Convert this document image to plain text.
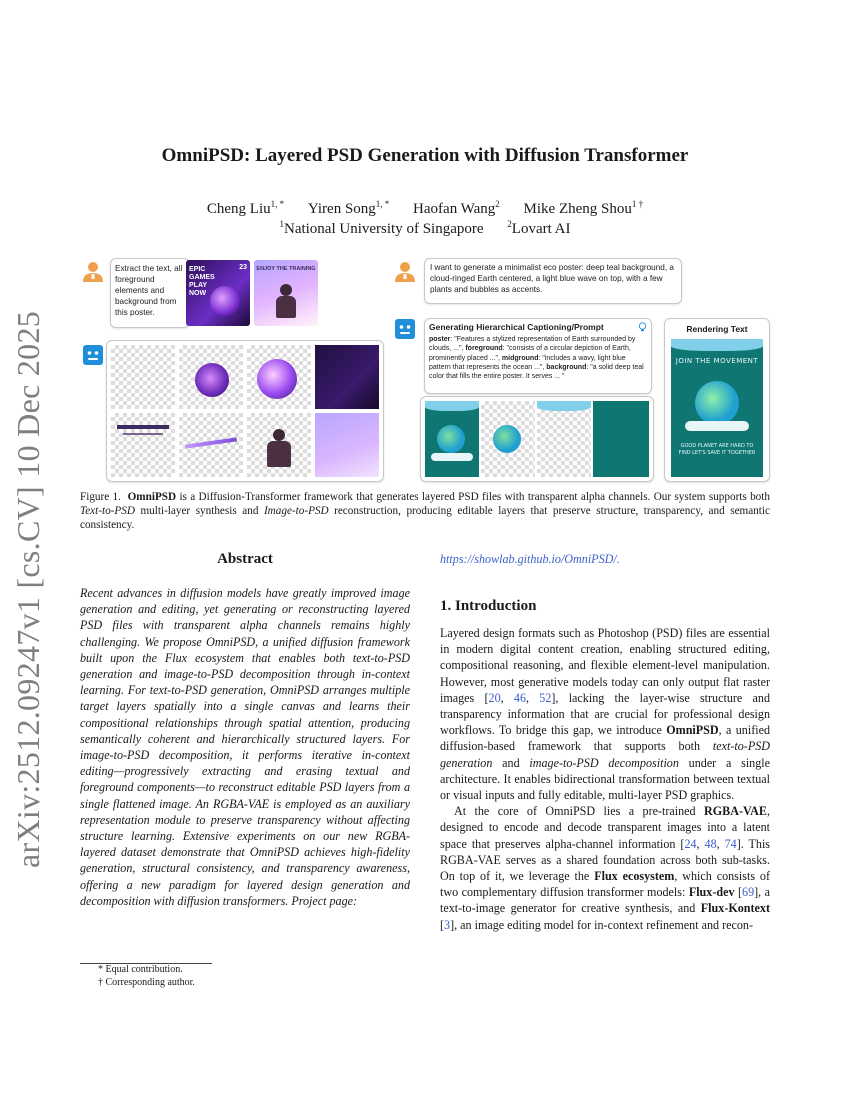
arXiv:2512.09247v1 [cs.CV] 10 Dec 2025
OmniPSD: Layered PSD Generation with Diffusion Transformer
Cheng Liu$^{1, *}$ Yiren Song$^{1, *}$ Haofan Wang$^2$ Mike Zheng Shou$^{1 \dagger}$
$^1$National University of Singapore	$^2$Lovart AI
Extract the text, all foreground elements and background from this poster.
EPIC GAMES PLAY NOW
23 ENJOY THE TRAINING	I want to generate a minimalist eco poster: deep teal background, a cloud-ringed Earth centered, a light blue wave on top, with a few plants and bubbles as accents.
Generating Hierarchical Captioning/Prompt
poster: "Features a stylized representation of Earth surrounded by clouds, ...", foreground: "consists of a circular depiction of Earth, prominently placed ...", midground: "includes a wavy, light blue pattern that represents the ocean ...", background: "a solid deep teal color that fills the entire poster. It serves ... "
Rendering Text
JOIN THE MOVEMENT
GOOD PLANET ARE HARD TO FIND LET'S SAVE IT TOGETHER
Figure 1. OmniPSD is a Diffusion-Transformer framework that generates layered PSD files with transparent alpha channels. Our system supports both Text-to-PSD multi-layer synthesis and Image-to-PSD reconstruction, producing editable layers that preserve structure, transparency, and semantic consistency.
Abstract
Recent advances in diffusion models have greatly improved image generation and editing, yet generating or reconstructing layered PSD files with transparent alpha channels remains highly challenging. We propose OmniPSD, a unified diffusion framework built upon the Flux ecosystem that enables both text-to-PSD generation and image-to-PSD decomposition through in-context learning. For text-to-PSD generation, OmniPSD arranges multiple target layers spatially into a single canvas and learns their compositional relationships through spatial attention, producing semantically coherent and hierarchically structured layers. For image-to-PSD decomposition, it performs iterative in-context editing—progressively extracting and erasing textual and foreground components—to reconstruct editable PSD layers from a single flattened image. An RGBA-VAE is employed as an auxiliary representation module to preserve transparency without affecting structure learning. Extensive experiments on our new RGBA-layered dataset demonstrate that OmniPSD achieves high-fidelity generation, structural consistency, and transparency awareness, offering a new paradigm for layered design generation and decomposition with diffusion transformers. Project page:
* Equal contribution.
† Corresponding author.
https://showlab.github.io/OmniPSD/.
1. Introduction

Layered design formats such as Photoshop (PSD) files are essential in modern digital content creation, enabling structured editing, compositional reasoning, and flexible element-level manipulation. However, most generative models today can only output flat raster images [20, 46, 52], lacking the layer-wise structure and transparency information that are crucial for professional design workflows. To bridge this gap, we introduce OmniPSD, a unified diffusion-based framework that supports both text-to-PSD generation and image-to-PSD decomposition under a single architecture. It enables bidirectional transformation between textual or visual inputs and fully editable, multi-layer PSD graphics.

At the core of OmniPSD lies a pre-trained RGBA-VAE, designed to encode and decode transparent images into a latent space that preserves alpha-channel information [24, 48, 74]. This RGBA-VAE serves as a shared foundation across both sub-tasks. On top of it, we leverage the Flux ecosystem, which consists of two complementary diffusion transformer models: Flux-dev [69], a text-to-image generator for creative synthesis, and Flux-Kontext [3], an image editing model for in-context refinement and recon-
